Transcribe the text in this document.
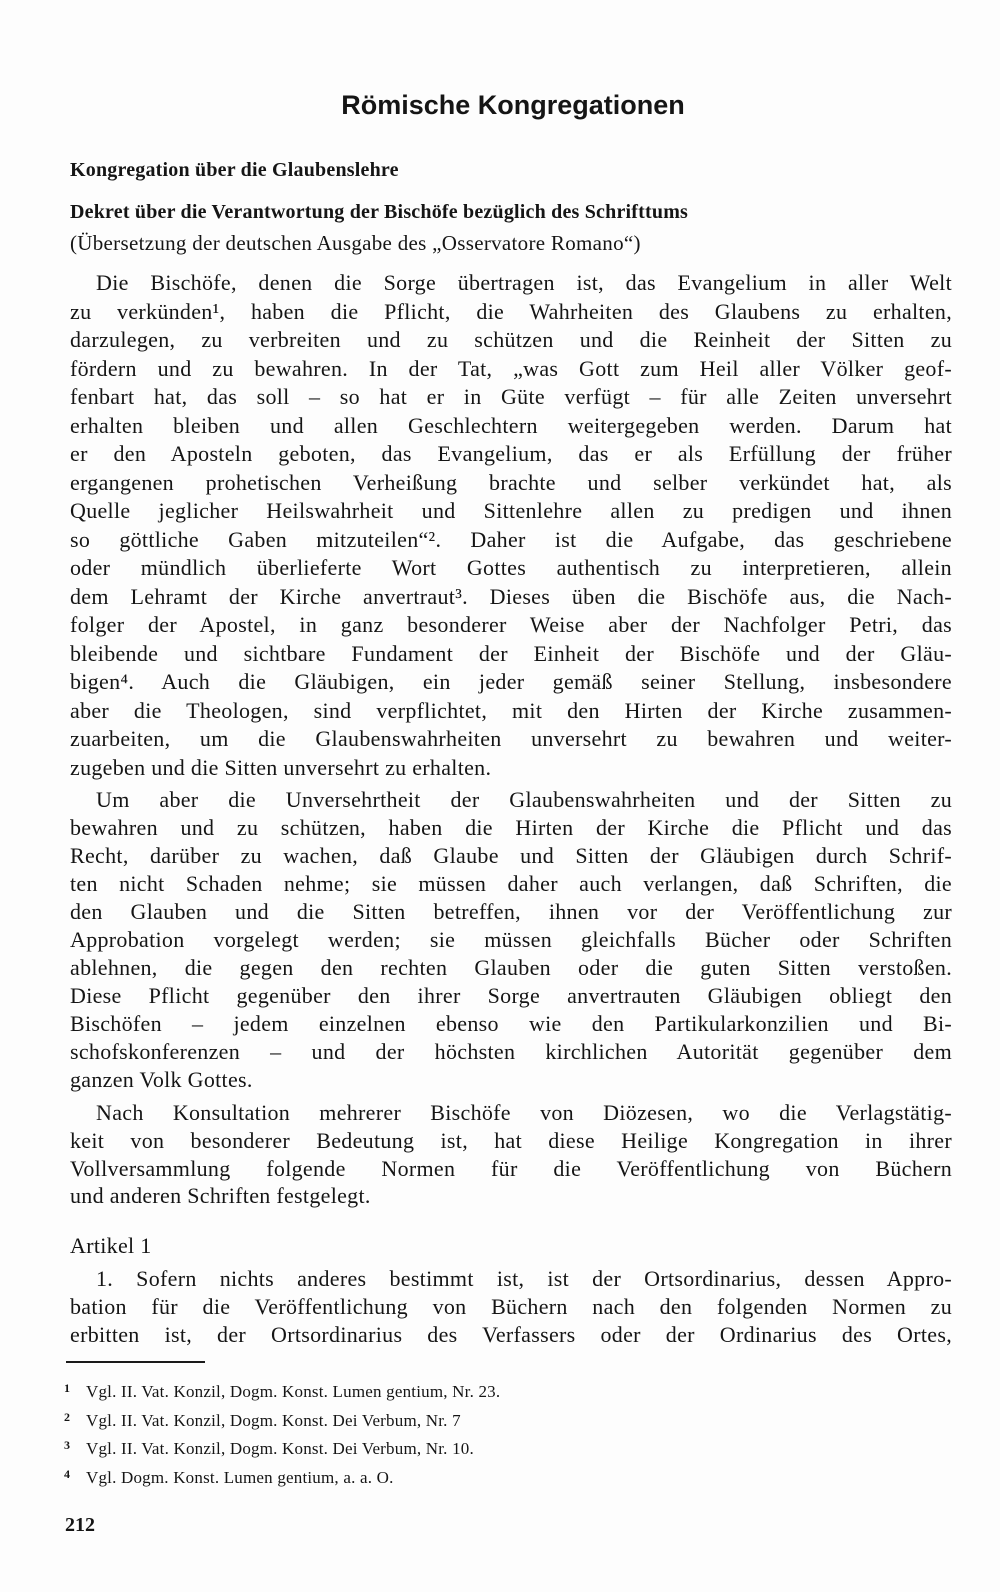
Römische Kongregationen
Kongregation über die Glaubenslehre
Dekret über die Verantwortung der Bischöfe bezüglich des Schrifttums
(Übersetzung der deutschen Ausgabe des „Osservatore Romano“)
Die Bischöfe, denen die Sorge übertragen ist, das Evangelium in aller Welt
zu verkünden¹, haben die Pflicht, die Wahrheiten des Glaubens zu erhalten,
darzulegen, zu verbreiten und zu schützen und die Reinheit der Sitten zu
fördern und zu bewahren. In der Tat, „was Gott zum Heil aller Völker geof-
fenbart hat, das soll – so hat er in Güte verfügt – für alle Zeiten unversehrt
erhalten bleiben und allen Geschlechtern weitergegeben werden. Darum hat
er den Aposteln geboten, das Evangelium, das er als Erfüllung der früher
ergangenen prohetischen Verheißung brachte und selber verkündet hat, als
Quelle jeglicher Heilswahrheit und Sittenlehre allen zu predigen und ihnen
so göttliche Gaben mitzuteilen“². Daher ist die Aufgabe, das geschriebene
oder mündlich überlieferte Wort Gottes authentisch zu interpretieren, allein
dem Lehramt der Kirche anvertraut³. Dieses üben die Bischöfe aus, die Nach-
folger der Apostel, in ganz besonderer Weise aber der Nachfolger Petri, das
bleibende und sichtbare Fundament der Einheit der Bischöfe und der Gläu-
bigen⁴. Auch die Gläubigen, ein jeder gemäß seiner Stellung, insbesondere
aber die Theologen, sind verpflichtet, mit den Hirten der Kirche zusammen-
zuarbeiten, um die Glaubenswahrheiten unversehrt zu bewahren und weiter-
zugeben und die Sitten unversehrt zu erhalten.
Um aber die Unversehrtheit der Glaubenswahrheiten und der Sitten zu
bewahren und zu schützen, haben die Hirten der Kirche die Pflicht und das
Recht, darüber zu wachen, daß Glaube und Sitten der Gläubigen durch Schrif-
ten nicht Schaden nehme; sie müssen daher auch verlangen, daß Schriften, die
den Glauben und die Sitten betreffen, ihnen vor der Veröffentlichung zur
Approbation vorgelegt werden; sie müssen gleichfalls Bücher oder Schriften
ablehnen, die gegen den rechten Glauben oder die guten Sitten verstoßen.
Diese Pflicht gegenüber den ihrer Sorge anvertrauten Gläubigen obliegt den
Bischöfen – jedem einzelnen ebenso wie den Partikularkonzilien und Bi-
schofskonferenzen – und der höchsten kirchlichen Autorität gegenüber dem
ganzen Volk Gottes.
Nach Konsultation mehrerer Bischöfe von Diözesen, wo die Verlagstätig-
keit von besonderer Bedeutung ist, hat diese Heilige Kongregation in ihrer
Vollversammlung folgende Normen für die Veröffentlichung von Büchern
und anderen Schriften festgelegt.
Artikel 1
1. Sofern nichts anderes bestimmt ist, ist der Ortsordinarius, dessen Appro-
bation für die Veröffentlichung von Büchern nach den folgenden Normen zu
erbitten ist, der Ortsordinarius des Verfassers oder der Ordinarius des Ortes,
1 Vgl. II. Vat. Konzil, Dogm. Konst. Lumen gentium, Nr. 23.
2 Vgl. II. Vat. Konzil, Dogm. Konst. Dei Verbum, Nr. 7
3 Vgl. II. Vat. Konzil, Dogm. Konst. Dei Verbum, Nr. 10.
4 Vgl. Dogm. Konst. Lumen gentium, a. a. O.
212
